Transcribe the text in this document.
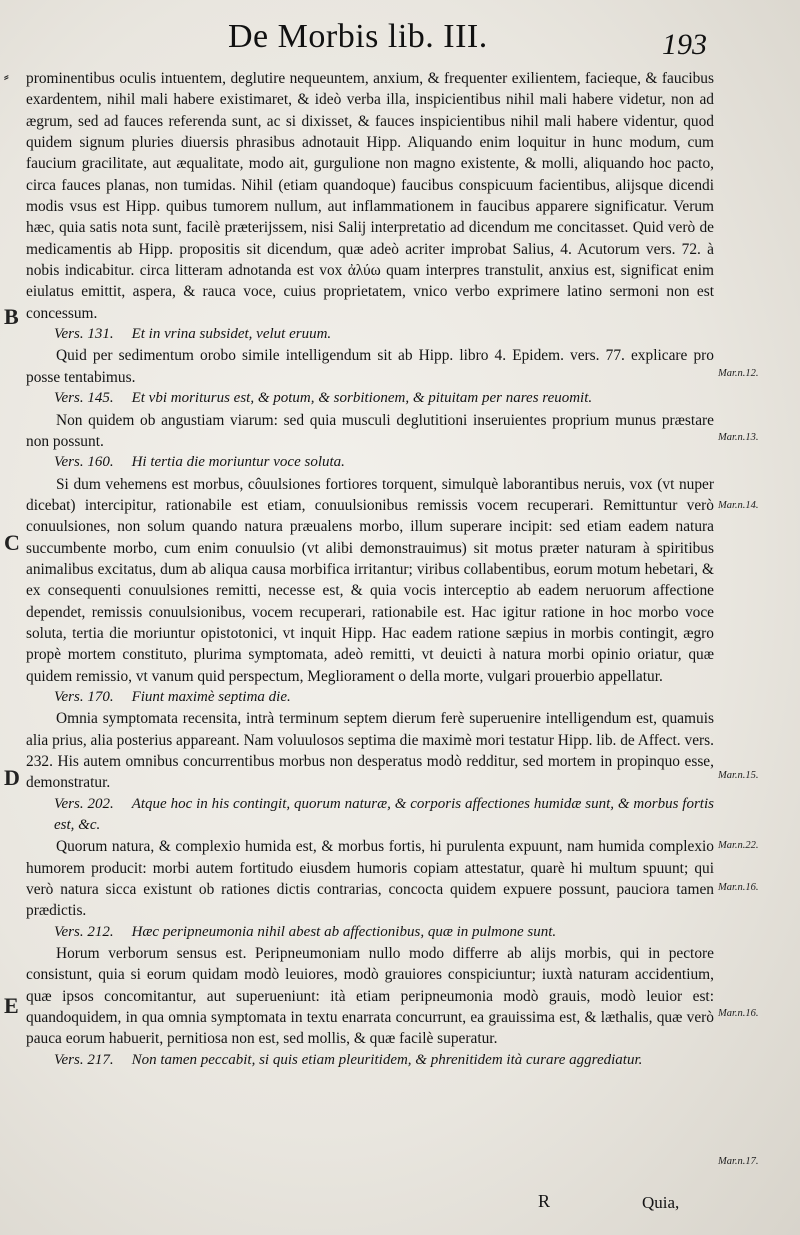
De Morbis lib. III.	193
⸗
B
C
D
E

prominentibus oculis intuentem, deglutire nequeuntem, anxium, & frequenter exilientem, facieque, & faucibus exardentem, nihil mali habere existimaret, & ideò verba illa, inspicientibus nihil mali habere videtur, non ad ægrum, sed ad fauces referenda sunt, ac si dixisset, & fauces inspicientibus nihil mali habere videntur, quod quidem signum pluries diuersis phrasibus adnotauit Hipp. Aliquando enim loquitur in hunc modum, cum faucium gracilitate, aut æqualitate, modo ait, gurgulione non magno existente, & molli, aliquando hoc pacto, circa fauces planas, non tumidas. Nihil (etiam quandoque) faucibus conspicuum facientibus, alijsque dicendi modis vsus est Hipp. quibus tumorem nullum, aut inflammationem in faucibus apparere significatur. Verum hæc, quia satis nota sunt, facilè præterijssem, nisi Salij interpretatio ad dicendum me concitasset. Quid verò de medicamentis ab Hipp. propositis sit dicendum, quæ adeò acriter improbat Salius, 4. Acutorum vers. 72. à nobis indicabitur. circa litteram adnotanda est vox ἀλύω quam interpres transtulit, anxius est, significat enim eiulatus emittit, aspera, & rauca voce, cuius proprietatem, vnico verbo exprimere latino sermoni non est concessum.

Vers. 131. Et in vrina subsidet, velut eruum.

Quid per sedimentum orobo simile intelligendum sit ab Hipp. libro 4. Epidem. vers. 77. explicare pro posse tentabimus.

Vers. 145. Et vbi moriturus est, & potum, & sorbitionem, & pituitam per nares reuomit.

Non quidem ob angustiam viarum: sed quia musculi deglutitioni inseruientes proprium munus præstare non possunt.

Vers. 160. Hi tertia die moriuntur voce soluta.

Si dum vehemens est morbus, côuulsiones fortiores torquent, simulquè laborantibus neruis, vox (vt nuper dicebat) intercipitur, rationabile est etiam, conuulsionibus remissis vocem recuperari. Remittuntur verò conuulsiones, non solum quando natura præualens morbo, illum superare incipit: sed etiam eadem natura succumbente morbo, cum enim conuulsio (vt alibi demonstrauimus) sit motus præter naturam à spiritibus animalibus excitatus, dum ab aliqua causa morbifica irritantur; viribus collabentibus, eorum motum hebetari, & ex consequenti conuulsiones remitti, necesse est, & quia vocis interceptio ab eadem neruorum affectione dependet, remissis conuulsionibus, vocem recuperari, rationabile est. Hac igitur ratione in hoc morbo voce soluta, tertia die moriuntur opistotonici, vt inquit Hipp. Hac eadem ratione sæpius in morbis contingit, ægro propè mortem constituto, plurima symptomata, adeò remitti, vt deuicti à natura morbi opinio oriatur, quæ quidem remissio, vt vanum quid perspectum, Megliorament o della morte, vulgari prouerbio appellatur.

Vers. 170. Fiunt maximè septima die.

Omnia symptomata recensita, intrà terminum septem dierum ferè superuenire intelligendum est, quamuis alia prius, alia posterius appareant. Nam voluulosos septima die maximè mori testatur Hipp. lib. de Affect. vers. 232. His autem omnibus concurrentibus morbus non desperatus modò redditur, sed mortem in propinquo esse, demonstratur.

Vers. 202. Atque hoc in his contingit, quorum naturæ, & corporis affectiones humidæ sunt, & morbus fortis est, &c.

Quorum natura, & complexio humida est, & morbus fortis, hi purulenta expuunt, nam humida complexio humorem producit: morbi autem fortitudo eiusdem humoris copiam attestatur, quarè hi multum spuunt; qui verò natura sicca existunt ob rationes dictis contrarias, concocta quidem expuere possunt, pauciora tamen prædictis.

Vers. 212. Hæc peripneumonia nihil abest ab affectionibus, quæ in pulmone sunt.

Horum verborum sensus est. Peripneumoniam nullo modo differre ab alijs morbis, qui in pectore consistunt, quia si eorum quidam modò leuiores, modò grauiores conspiciuntur; iuxtà naturam accidentium, quæ ipsos concomitantur, aut superueniunt: ità etiam peripneumonia modò grauis, modò leuior est: quandoquidem, in qua omnia symptomata in textu enarrata concurrunt, ea grauissima est, & læthalis, quæ verò pauca eorum habuerit, pernitiosa non est, sed mollis, & quæ facilè superatur.

Vers. 217. Non tamen peccabit, si quis etiam pleuritidem, & phrenitidem ità curare aggrediatur.

Mar.n.12.
Mar.n.13.
Mar.n.14.
Mar.n.15.
Mar.n.22.
Mar.n.16.
Mar.n.16.
Mar.n.17.
R	Quia,
